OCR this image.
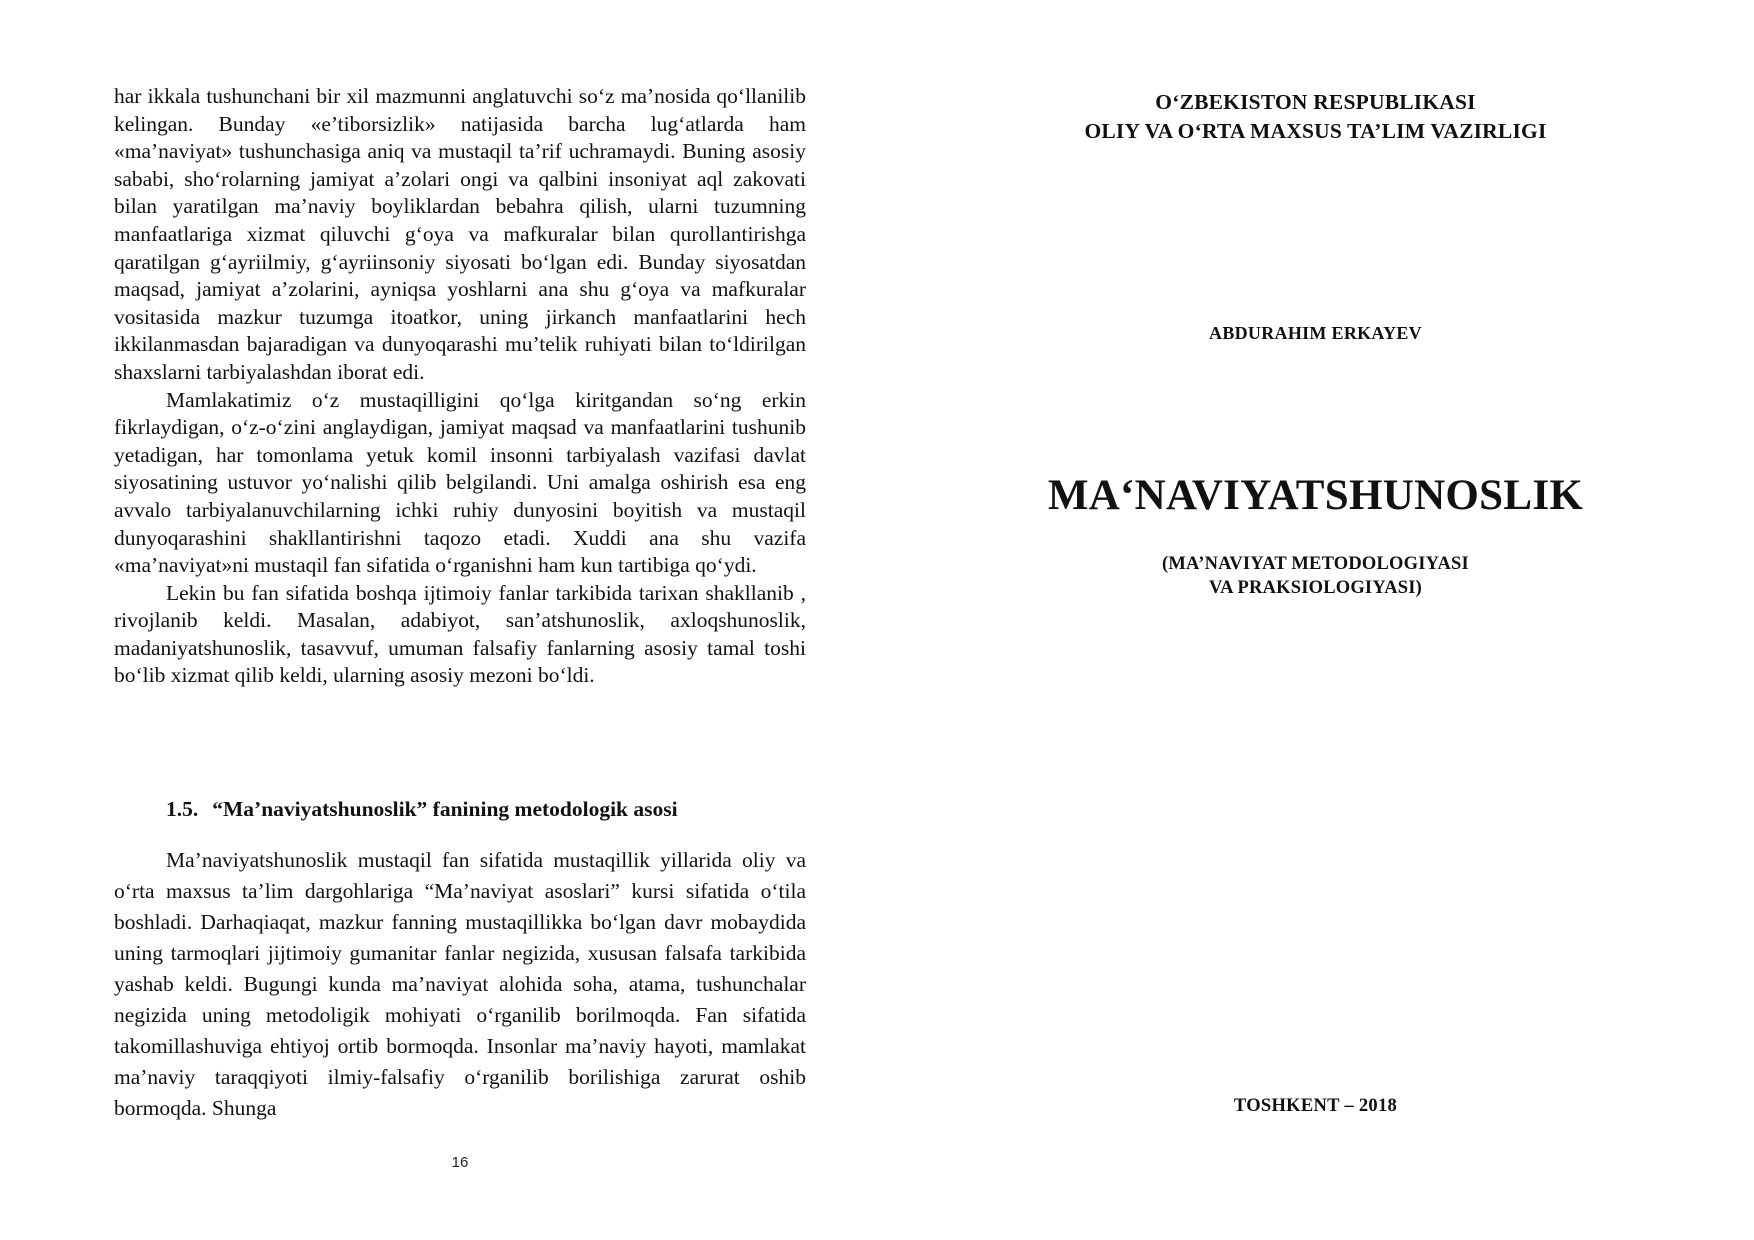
har ikkala tushunchani bir xil mazmunni anglatuvchi so‘z ma’nosida qo‘llanilib kelingan. Bunday «e’tiborsizlik» natijasida barcha lug‘atlarda ham «ma’naviyat» tushunchasiga aniq va mustaqil ta’rif uchramaydi. Buning asosiy sababi, sho‘rolarning jamiyat a’zolari ongi va qalbini insoniyat aql zakovati bilan yaratilgan ma’naviy boyliklardan bebahra qilish, ularni tuzumning manfaatlariga xizmat qiluvchi g‘oya va mafkuralar bilan qurollantirishga qaratilgan g‘ayriilmiy, g‘ayriinsoniy siyosati bo‘lgan edi. Bunday siyosatdan maqsad, jamiyat a’zolarini, ayniqsa yoshlarni ana shu g‘oya va mafkuralar vositasida mazkur tuzumga itoatkor, uning jirkanch manfaatlarini hech ikkilanmasdan bajaradigan va dunyoqarashi mu’telik ruhiyati bilan to‘ldirilgan shaxslarni tarbiyalashdan iborat edi.

Mamlakatimiz o‘z mustaqilligini qo‘lga kiritgandan so‘ng erkin fikrlaydigan, o‘z-o‘zini anglaydigan, jamiyat maqsad va manfaatlarini tushunib yetadigan, har tomonlama yetuk komil insonni tarbiyalash vazifasi davlat siyosatining ustuvor yo‘nalishi qilib belgilandi. Uni amalga oshirish esa eng avvalo tarbiyalanuvchilarning ichki ruhiy dunyosini boyitish va mustaqil dunyoqarashini shakllantirishni taqozo etadi. Xuddi ana shu vazifa «ma’naviyat»ni mustaqil fan sifatida o‘rganishni ham kun tartibiga qo‘ydi.

Lekin bu fan sifatida boshqa ijtimoiy fanlar tarkibida tarixan shakllanib , rivojlanib keldi. Masalan, adabiyot, san’atshunoslik, axloqshunoslik, madaniyatshunoslik, tasavvuf, umuman falsafiy fanlarning asosiy tamal toshi bo‘lib xizmat qilib keldi, ularning asosiy mezoni bo‘ldi.

1.5. “Ma’naviyatshunoslik” fanining metodologik asosi

Ma’naviyatshunoslik mustaqil fan sifatida mustaqillik yillarida oliy va o‘rta maxsus ta’lim dargohlariga “Ma’naviyat asoslari” kursi sifatida o‘tila boshladi. Darhaqiaqat, mazkur fanning mustaqillikka bo‘lgan davr mobaydida uning tarmoqlari jijtimoiy gumanitar fanlar negizida, xususan falsafa tarkibida yashab keldi. Bugungi kunda ma’naviyat alohida soha, atama, tushunchalar negizida uning metodoligik mohiyati o‘rganilib borilmoqda. Fan sifatida takomillashuviga ehtiyoj ortib bormoqda. Insonlar ma’naviy hayoti, mamlakat ma’naviy taraqqiyoti ilmiy-falsafiy o‘rganilib borilishiga zarurat oshib bormoqda. Shunga

16
O‘ZBEKISTON RESPUBLIKASI
OLIY VA O‘RTA MAXSUS TA’LIM VAZIRLIGI
ABDURAHIM ERKAYEV
MA‘NAVIYATSHUNOSLIK
(MA’NAVIYAT METODOLOGIYASI
VA PRAKSIOLOGIYASI)
TOSHKENT – 2018
